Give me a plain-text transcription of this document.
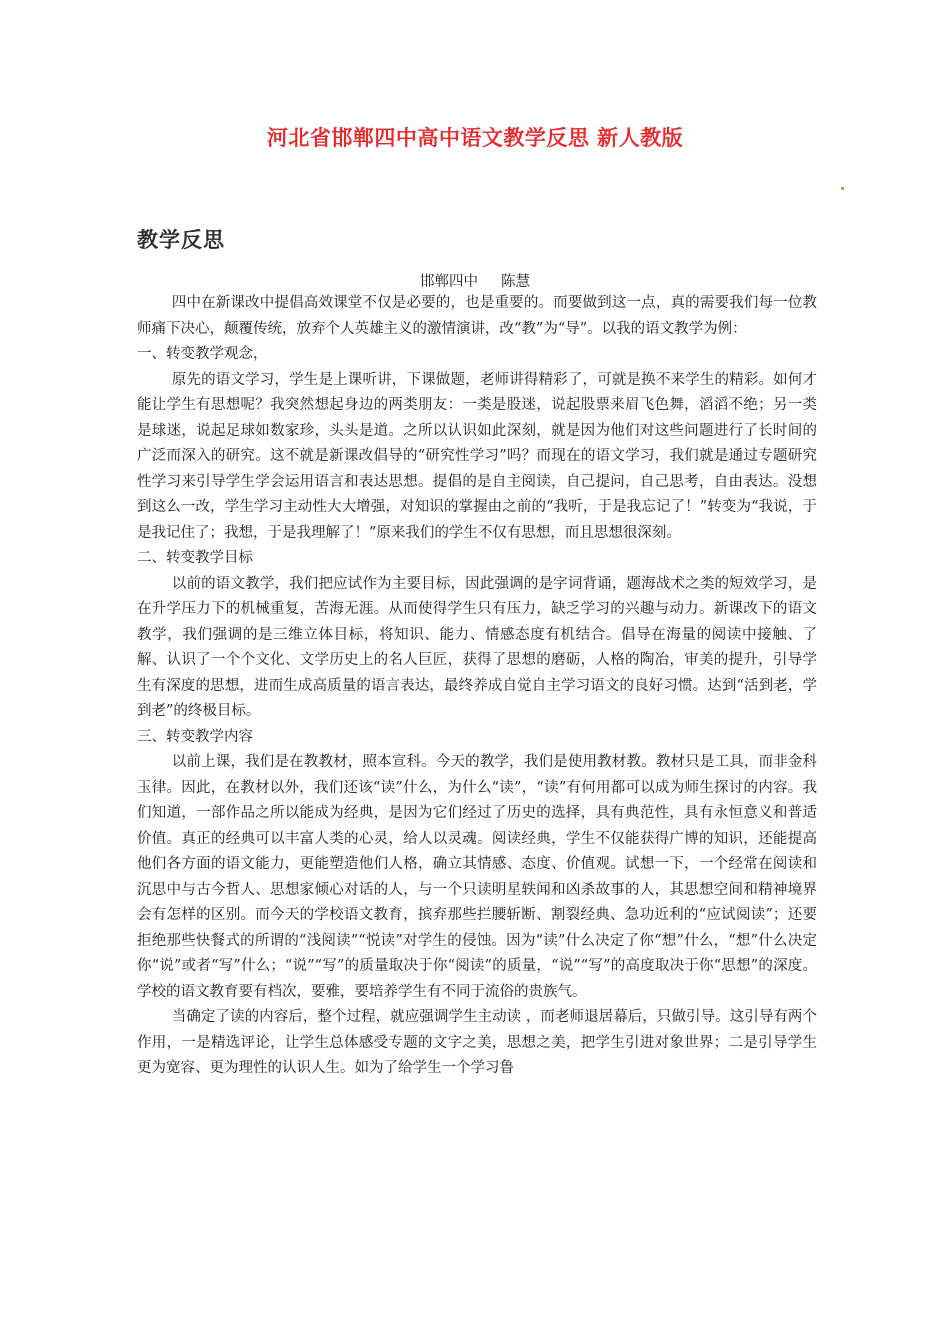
河北省邯郸四中高中语文教学反思 新人教版
教学反思
邯郸四中     陈慧

四中在新课改中提倡高效课堂不仅是必要的，也是重要的。而要做到这一点，真的需要我们每一位教师痛下决心，颠覆传统，放弃个人英雄主义的激情演讲，改“教”为“导”。以我的语文教学为例：

一、转变教学观念，

原先的语文学习，学生是上课听讲，下课做题，老师讲得精彩了，可就是换不来学生的精彩。如何才能让学生有思想呢？我突然想起身边的两类朋友：一类是股迷，说起股票来眉飞色舞，滔滔不绝；另一类是球迷，说起足球如数家珍，头头是道。之所以认识如此深刻，就是因为他们对这些问题进行了长时间的广泛而深入的研究。这不就是新课改倡导的“研究性学习”吗？而现在的语文学习，我们就是通过专题研究性学习来引导学生学会运用语言和表达思想。提倡的是自主阅读，自己提问，自己思考，自由表达。没想到这么一改，学生学习主动性大大增强，对知识的掌握由之前的“我听，于是我忘记了！”转变为“我说，于是我记住了；我想，于是我理解了！”原来我们的学生不仅有思想，而且思想很深刻。

二、转变教学目标

以前的语文教学，我们把应试作为主要目标，因此强调的是字词背诵，题海战术之类的短效学习，是在升学压力下的机械重复，苦海无涯。从而使得学生只有压力，缺乏学习的兴趣与动力。新课改下的语文教学，我们强调的是三维立体目标，将知识、能力、情感态度有机结合。倡导在海量的阅读中接触、了解、认识了一个个文化、文学历史上的名人巨匠，获得了思想的磨砺，人格的陶冶，审美的提升，引导学生有深度的思想，进而生成高质量的语言表达，最终养成自觉自主学习语文的良好习惯。达到“活到老，学到老”的终极目标。

三、转变教学内容

以前上课，我们是在教教材，照本宣科。今天的教学，我们是使用教材教。教材只是工具，而非金科玉律。因此，在教材以外，我们还该“读”什么，为什么“读”，“读”有何用都可以成为师生探讨的内容。我们知道，一部作品之所以能成为经典，是因为它们经过了历史的选择，具有典范性，具有永恒意义和普适价值。真正的经典可以丰富人类的心灵，给人以灵魂。阅读经典，学生不仅能获得广博的知识，还能提高他们各方面的语文能力，更能塑造他们人格，确立其情感、态度、价值观。试想一下，一个经常在阅读和沉思中与古今哲人、思想家倾心对话的人，与一个只读明星轶闻和凶杀故事的人，其思想空间和精神境界会有怎样的区别。而今天的学校语文教育，摈弃那些拦腰斩断、割裂经典、急功近利的“应试阅读”；还要拒绝那些快餐式的所谓的“浅阅读”“悦读”对学生的侵蚀。因为“读”什么决定了你“想”什么，“想”什么决定你“说”或者“写”什么；“说”“写”的质量取决于你“阅读”的质量，“说”“写”的高度取决于你“思想”的深度。学校的语文教育要有档次，要雅，要培养学生有不同于流俗的贵族气。

当确定了读的内容后，整个过程，就应强调学生主动读 ，而老师退居幕后，只做引导。这引导有两个作用，一是精选评论，让学生总体感受专题的文字之美，思想之美，把学生引进对象世界；二是引导学生更为宽容、更为理性的认识人生。如为了给学生一个学习鲁
